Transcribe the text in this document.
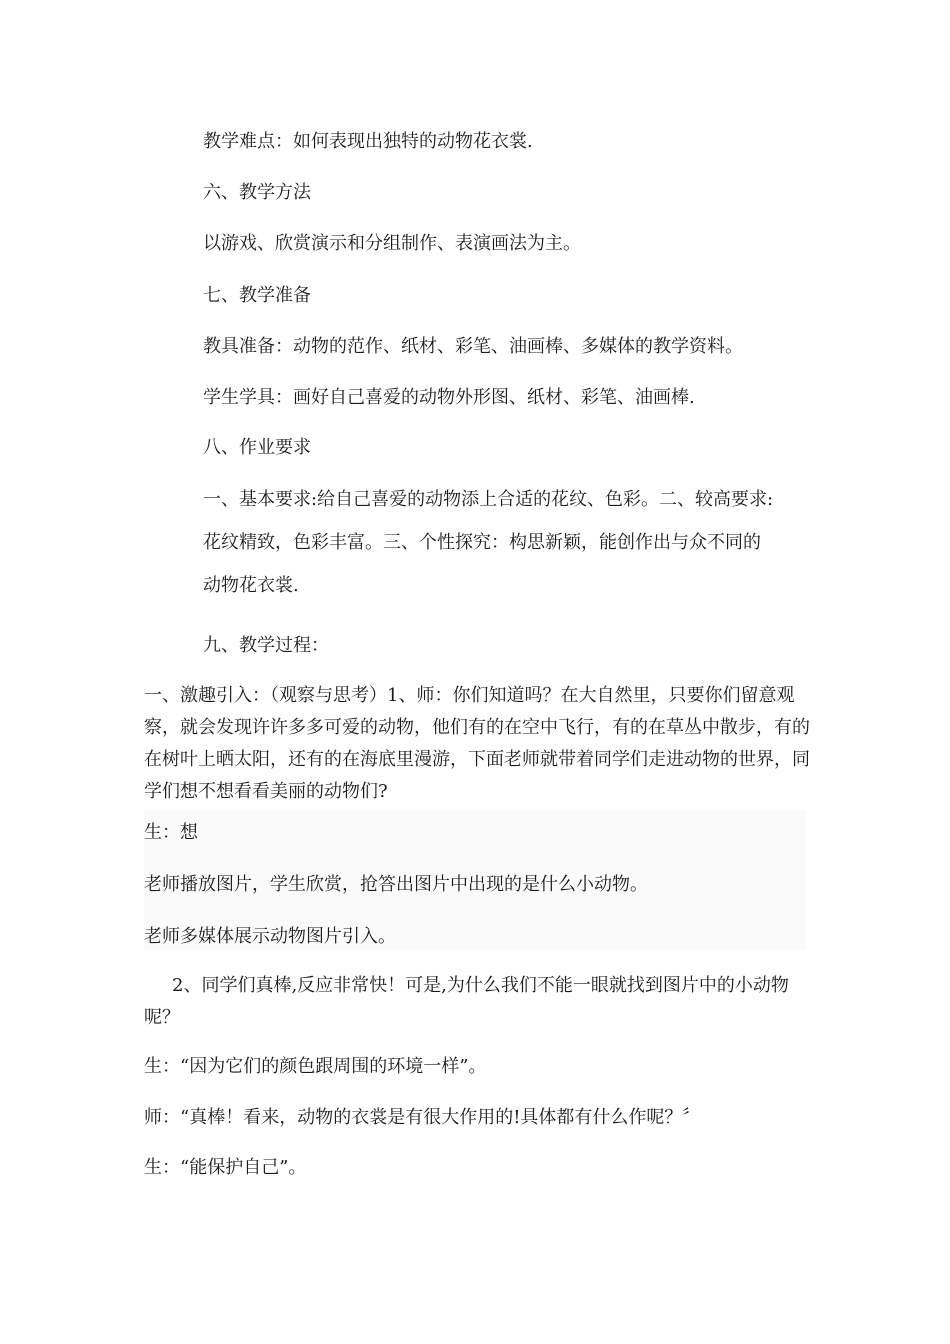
教学难点：如何表现出独特的动物花衣裳.

六、教学方法

以游戏、欣赏演示和分组制作、表演画法为主。

七、教学准备

教具准备：动物的范作、纸材、彩笔、油画棒、多媒体的教学资料。

学生学具：画好自己喜爱的动物外形图、纸材、彩笔、油画棒.

八、作业要求

一、基本要求:给自己喜爱的动物添上合适的花纹、色彩。二、较高要求:

花纹精致，色彩丰富。三、个性探究：构思新颖，能创作出与众不同的

动物花衣裳.

九、教学过程：

一、激趣引入：（观察与思考）1、师：你们知道吗？在大自然里，只要你们留意观察，就会发现许许多多可爱的动物，他们有的在空中飞行，有的在草丛中散步，有的在树叶上晒太阳，还有的在海底里漫游，下面老师就带着同学们走进动物的世界，同学们想不想看看美丽的动物们?

生：想

老师播放图片，学生欣赏，抢答出图片中出现的是什么小动物。

老师多媒体展示动物图片引入。

2、同学们真棒,反应非常快！可是,为什么我们不能一眼就找到图片中的小动物呢？

生：“因为它们的颜色跟周围的环境一样”。

师：“真棒！看来，动物的衣裳是有很大作用的!具体都有什么作呢？〞

生：“能保护自己”。
